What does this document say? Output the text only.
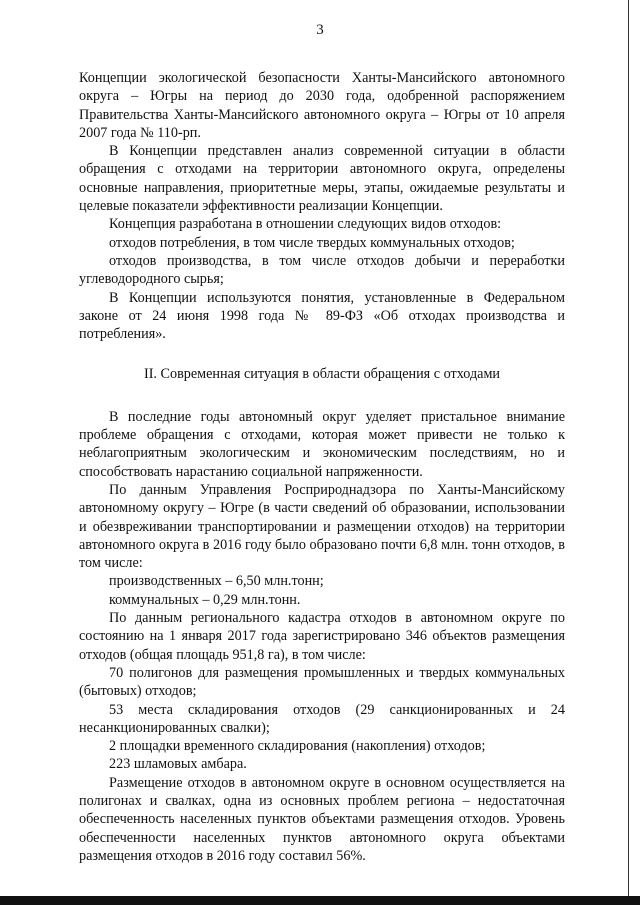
3

Концепции экологической безопасности Ханты-Мансийского автономного округа – Югры на период до 2030 года, одобренной распоряжением Правительства Ханты-Мансийского автономного округа – Югры от 10 апреля 2007 года № 110-рп.

В Концепции представлен анализ современной ситуации в области обращения с отходами на территории автономного округа, определены основные направления, приоритетные меры, этапы, ожидаемые результаты и целевые показатели эффективности реализации Концепции.

Концепция разработана в отношении следующих видов отходов:

отходов потребления, в том числе твердых коммунальных отходов;

отходов производства, в том числе отходов добычи и переработки углеводородного сырья;

В Концепции используются понятия, установленные в Федеральном законе от 24 июня 1998 года № 89-ФЗ «Об отходах производства и потребления».

II. Современная ситуация в области обращения с отходами

В последние годы автономный округ уделяет пристальное внимание проблеме обращения с отходами, которая может привести не только к неблагоприятным экологическим и экономическим последствиям, но и способствовать нарастанию социальной напряженности.

По данным Управления Росприроднадзора по Ханты-Мансийскому автономному округу – Югре (в части сведений об образовании, использовании и обезвреживании транспортировании и размещении отходов) на территории автономного округа в 2016 году было образовано почти 6,8 млн. тонн отходов, в том числе:

производственных – 6,50 млн.тонн;

коммунальных – 0,29 млн.тонн.

По данным регионального кадастра отходов в автономном округе по состоянию на 1 января 2017 года зарегистрировано 346 объектов размещения отходов (общая площадь 951,8 га), в том числе:

70 полигонов для размещения промышленных и твердых коммунальных (бытовых) отходов;

53 места складирования отходов (29 санкционированных и 24 несанкционированных свалки);

2 площадки временного складирования (накопления) отходов;

223 шламовых амбара.

Размещение отходов в автономном округе в основном осуществляется на полигонах и свалках, одна из основных проблем региона – недостаточная обеспеченность населенных пунктов объектами размещения отходов. Уровень обеспеченности населенных пунктов автономного округа объектами размещения отходов в 2016 году составил 56%.
